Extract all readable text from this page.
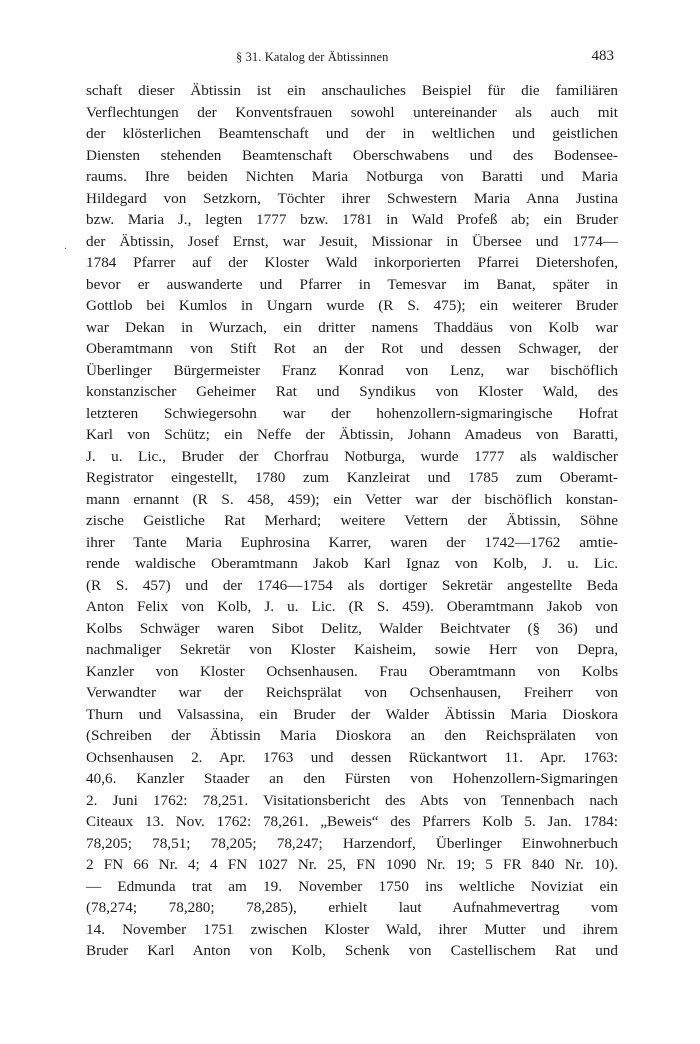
§ 31. Katalog der Äbtissinnen	483
.
schaft dieser Äbtissin ist ein anschauliches Beispiel für die familiären
Verflechtungen der Konventsfrauen sowohl untereinander als auch mit
der klösterlichen Beamtenschaft und der in weltlichen und geistlichen
Diensten stehenden Beamtenschaft Oberschwabens und des Bodensee-
raums. Ihre beiden Nichten Maria Notburga von Baratti und Maria
Hildegard von Setzkorn, Töchter ihrer Schwestern Maria Anna Justina
bzw. Maria J., legten 1777 bzw. 1781 in Wald Profeß ab; ein Bruder
der Äbtissin, Josef Ernst, war Jesuit, Missionar in Übersee und 1774—
1784 Pfarrer auf der Kloster Wald inkorporierten Pfarrei Dietershofen,
bevor er auswanderte und Pfarrer in Temesvar im Banat, später in
Gottlob bei Kumlos in Ungarn wurde (R S. 475); ein weiterer Bruder
war Dekan in Wurzach, ein dritter namens Thaddäus von Kolb war
Oberamtmann von Stift Rot an der Rot und dessen Schwager, der
Überlinger Bürgermeister Franz Konrad von Lenz, war bischöflich
konstanzischer Geheimer Rat und Syndikus von Kloster Wald, des
letzteren Schwiegersohn war der hohenzollern-sigmaringische Hofrat
Karl von Schütz; ein Neffe der Äbtissin, Johann Amadeus von Baratti,
J. u. Lic., Bruder der Chorfrau Notburga, wurde 1777 als waldischer
Registrator eingestellt, 1780 zum Kanzleirat und 1785 zum Oberamt-
mann ernannt (R S. 458, 459); ein Vetter war der bischöflich konstan-
zische Geistliche Rat Merhard; weitere Vettern der Äbtissin, Söhne
ihrer Tante Maria Euphrosina Karrer, waren der 1742—1762 amtie-
rende waldische Oberamtmann Jakob Karl Ignaz von Kolb, J. u. Lic.
(R S. 457) und der 1746—1754 als dortiger Sekretär angestellte Beda
Anton Felix von Kolb, J. u. Lic. (R S. 459). Oberamtmann Jakob von
Kolbs Schwäger waren Sibot Delitz, Walder Beichtvater (§ 36) und
nachmaliger Sekretär von Kloster Kaisheim, sowie Herr von Depra,
Kanzler von Kloster Ochsenhausen. Frau Oberamtmann von Kolbs
Verwandter war der Reichsprälat von Ochsenhausen, Freiherr von
Thurn und Valsassina, ein Bruder der Walder Äbtissin Maria Dioskora
(Schreiben der Äbtissin Maria Dioskora an den Reichsprälaten von
Ochsenhausen 2. Apr. 1763 und dessen Rückantwort 11. Apr. 1763:
40,6. Kanzler Staader an den Fürsten von Hohenzollern-Sigmaringen
2. Juni 1762: 78,251. Visitationsbericht des Abts von Tennenbach nach
Citeaux 13. Nov. 1762: 78,261. „Beweis“ des Pfarrers Kolb 5. Jan. 1784:
78,205; 78,51; 78,205; 78,247; Harzendorf, Überlinger Einwohnerbuch
2 FN 66 Nr. 4; 4 FN 1027 Nr. 25, FN 1090 Nr. 19; 5 FR 840 Nr. 10).
— Edmunda trat am 19. November 1750 ins weltliche Noviziat ein
(78,274; 78,280; 78,285), erhielt laut Aufnahmevertrag vom
14. November 1751 zwischen Kloster Wald, ihrer Mutter und ihrem
Bruder Karl Anton von Kolb, Schenk von Castellischem Rat und
